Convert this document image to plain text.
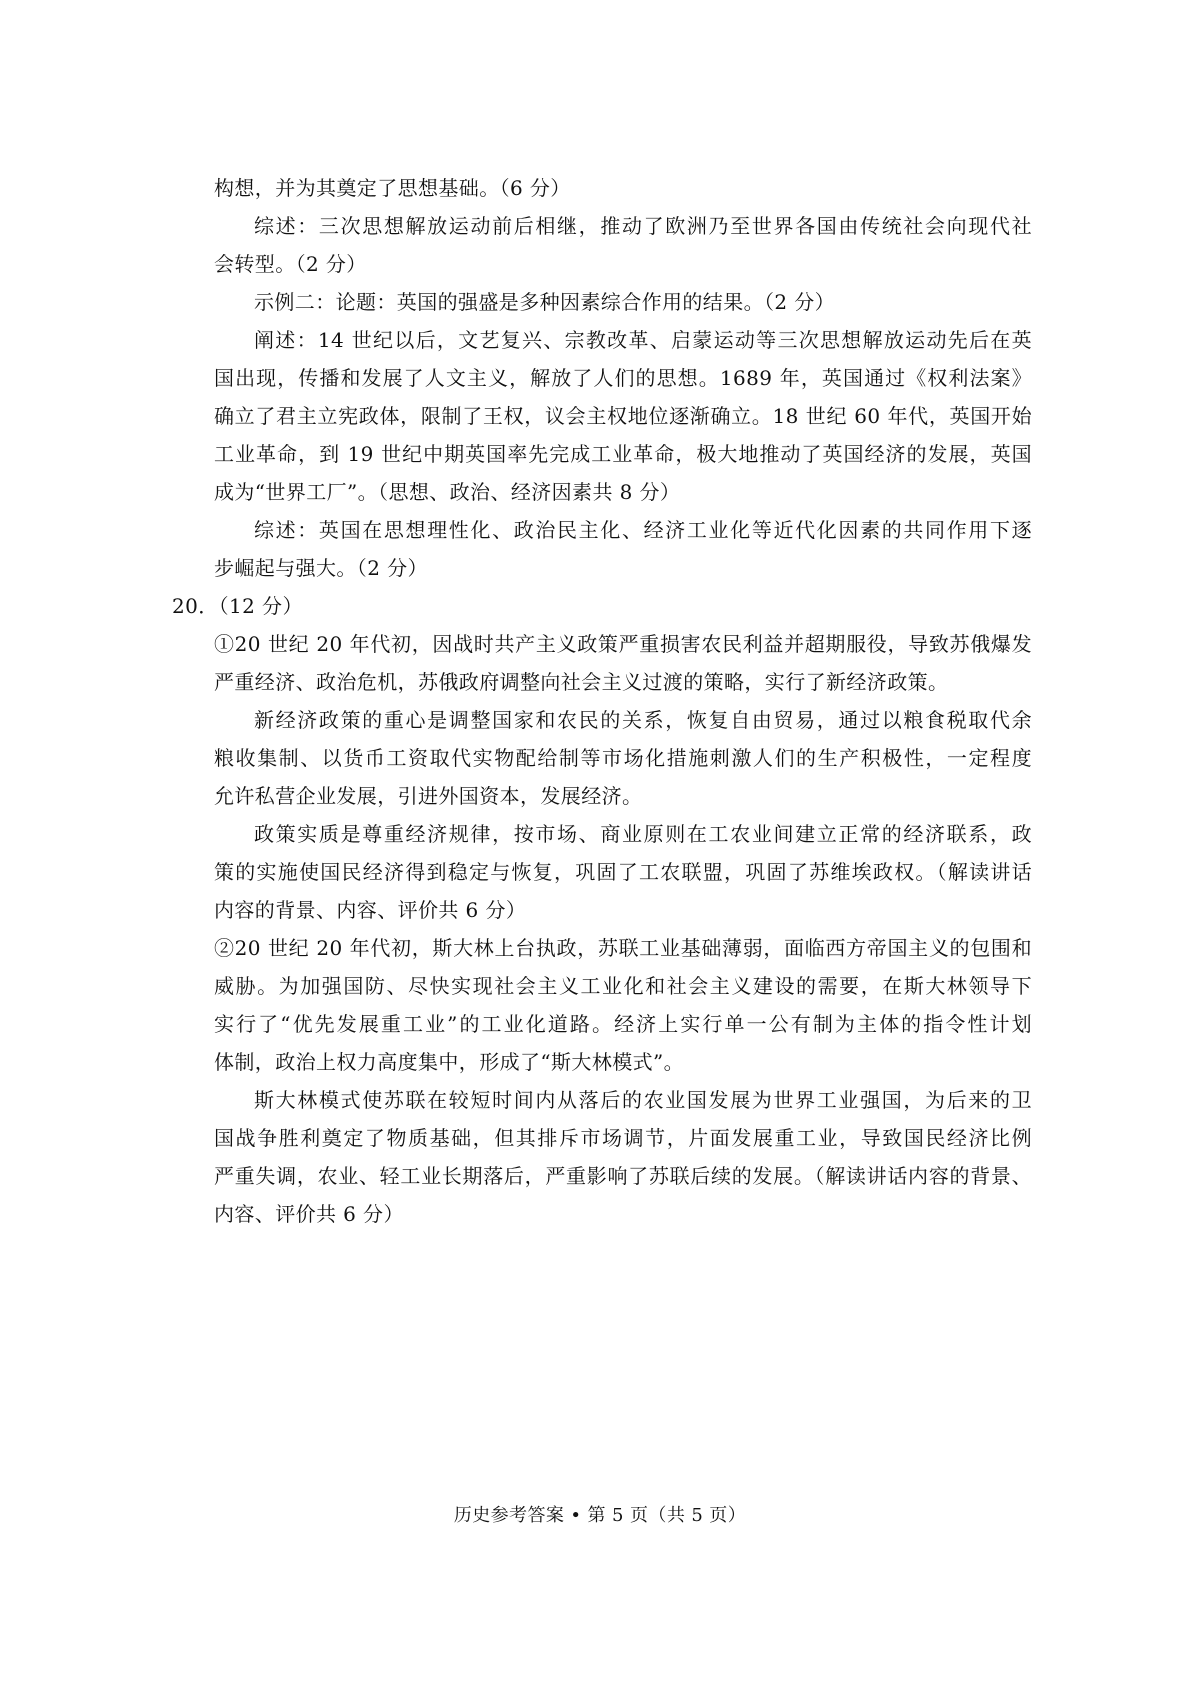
构想，并为其奠定了思想基础。（6 分）
综述：三次思想解放运动前后相继，推动了欧洲乃至世界各国由传统社会向现代社
会转型。（2 分）
示例二：论题：英国的强盛是多种因素综合作用的结果。（2 分）
阐述：14 世纪以后，文艺复兴、宗教改革、启蒙运动等三次思想解放运动先后在英
国出现，传播和发展了人文主义，解放了人们的思想。1689 年，英国通过《权利法案》
确立了君主立宪政体，限制了王权，议会主权地位逐渐确立。18 世纪 60 年代，英国开始
工业革命，到 19 世纪中期英国率先完成工业革命，极大地推动了英国经济的发展，英国
成为“世界工厂”。（思想、政治、经济因素共 8 分）
综述：英国在思想理性化、政治民主化、经济工业化等近代化因素的共同作用下逐
步崛起与强大。（2 分）
20．（12 分）
①20 世纪 20 年代初，因战时共产主义政策严重损害农民利益并超期服役，导致苏俄爆发
严重经济、政治危机，苏俄政府调整向社会主义过渡的策略，实行了新经济政策。
新经济政策的重心是调整国家和农民的关系，恢复自由贸易，通过以粮食税取代余
粮收集制、以货币工资取代实物配给制等市场化措施刺激人们的生产积极性，一定程度
允许私营企业发展，引进外国资本，发展经济。
政策实质是尊重经济规律，按市场、商业原则在工农业间建立正常的经济联系，政
策的实施使国民经济得到稳定与恢复，巩固了工农联盟，巩固了苏维埃政权。（解读讲话
内容的背景、内容、评价共 6 分）
②20 世纪 20 年代初，斯大林上台执政，苏联工业基础薄弱，面临西方帝国主义的包围和
威胁。为加强国防、尽快实现社会主义工业化和社会主义建设的需要，在斯大林领导下
实行了“优先发展重工业”的工业化道路。经济上实行单一公有制为主体的指令性计划
体制，政治上权力高度集中，形成了“斯大林模式”。
斯大林模式使苏联在较短时间内从落后的农业国发展为世界工业强国，为后来的卫
国战争胜利奠定了物质基础，但其排斥市场调节，片面发展重工业，导致国民经济比例
严重失调，农业、轻工业长期落后，严重影响了苏联后续的发展。（解读讲话内容的背景、
内容、评价共 6 分）
历史参考答案 • 第 5 页（共 5 页）
